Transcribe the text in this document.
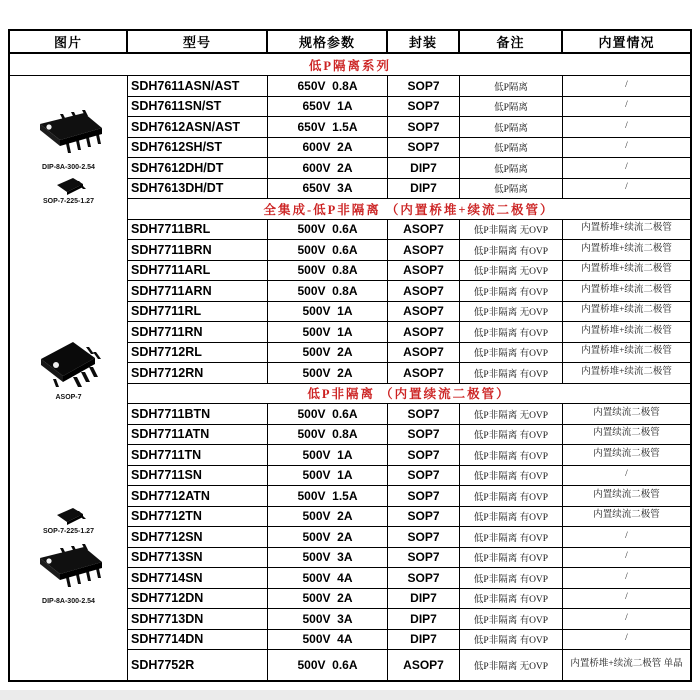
图片	型号	规格参数	封装	备注	内置情况
低P隔离系列
DIP-8A-300-2.54
SOP-7-225-1.27
ASOP-7
SOP-7-225-1.27
DIP-8A-300-2.54
SDH7611ASN/AST	650V  0.8A	SOP7	低P隔离	/
SDH7611SN/ST	650V  1A	SOP7	低P隔离	/
SDH7612ASN/AST	650V  1.5A	SOP7	低P隔离	/
SDH7612SH/ST	600V  2A	SOP7	低P隔离	/
SDH7612DH/DT	600V  2A	DIP7	低P隔离	/
SDH7613DH/DT	650V  3A	DIP7	低P隔离	/
全集成-低P非隔离 （内置桥堆+续流二极管）
SDH7711BRL	500V  0.6A	ASOP7	低P非隔离 无OVP	内置桥堆+续流二极管
SDH7711BRN	500V  0.6A	ASOP7	低P非隔离 有OVP	内置桥堆+续流二极管
SDH7711ARL	500V  0.8A	ASOP7	低P非隔离 无OVP	内置桥堆+续流二极管
SDH7711ARN	500V  0.8A	ASOP7	低P非隔离 有OVP	内置桥堆+续流二极管
SDH7711RL	500V  1A	ASOP7	低P非隔离 无OVP	内置桥堆+续流二极管
SDH7711RN	500V  1A	ASOP7	低P非隔离 有OVP	内置桥堆+续流二极管
SDH7712RL	500V  2A	ASOP7	低P非隔离 有OVP	内置桥堆+续流二极管
SDH7712RN	500V  2A	ASOP7	低P非隔离 有OVP	内置桥堆+续流二极管
低P非隔离 （内置续流二极管）
SDH7711BTN	500V  0.6A	SOP7	低P非隔离 无OVP	内置续流二极管
SDH7711ATN	500V  0.8A	SOP7	低P非隔离 有OVP	内置续流二极管
SDH7711TN	500V  1A	SOP7	低P非隔离 有OVP	内置续流二极管
SDH7711SN	500V  1A	SOP7	低P非隔离 有OVP	/
SDH7712ATN	500V  1.5A	SOP7	低P非隔离 有OVP	内置续流二极管
SDH7712TN	500V  2A	SOP7	低P非隔离 有OVP	内置续流二极管
SDH7712SN	500V  2A	SOP7	低P非隔离 有OVP	/
SDH7713SN	500V  3A	SOP7	低P非隔离 有OVP	/
SDH7714SN	500V  4A	SOP7	低P非隔离 有OVP	/
SDH7712DN	500V  2A	DIP7	低P非隔离 有OVP	/
SDH7713DN	500V  3A	DIP7	低P非隔离 有OVP	/
SDH7714DN	500V  4A	DIP7	低P非隔离 有OVP	/
SDH7752R	500V  0.6A	ASOP7	低P非隔离 无OVP	内置桥堆+续流二极管 单晶
